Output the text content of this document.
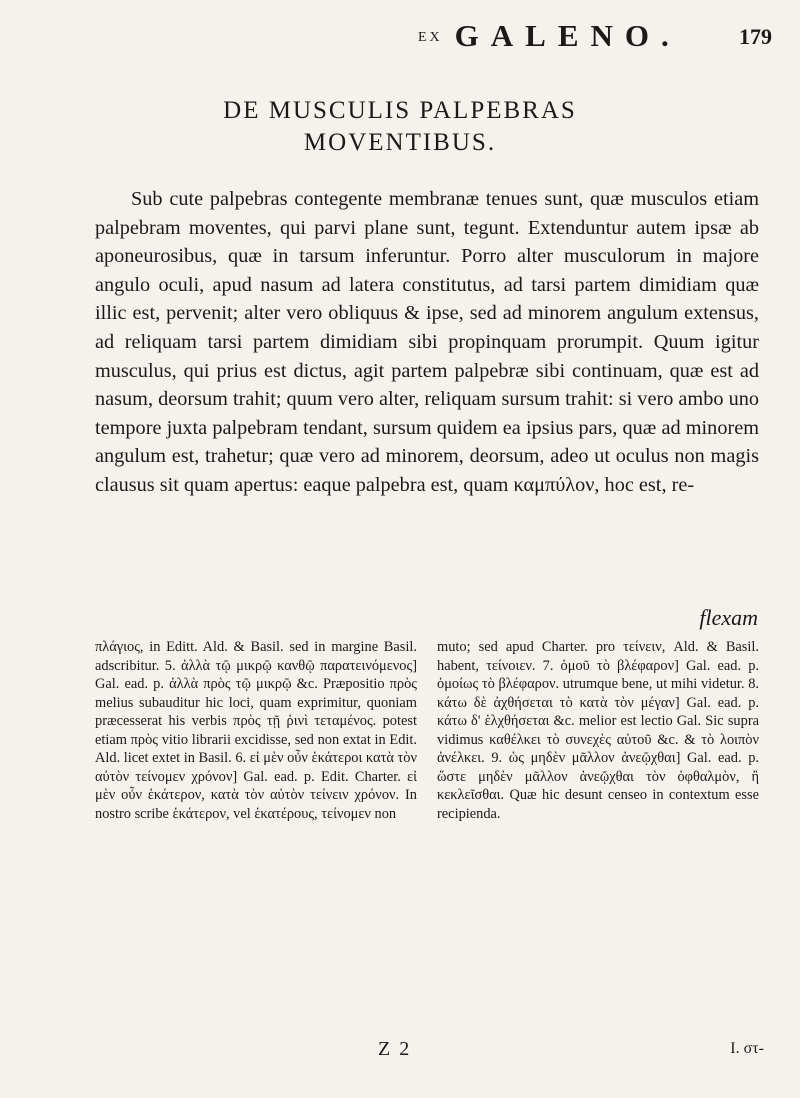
EX GALENO.	179
DE MUSCULIS PALPEBRAS
MOVENTIBUS.

Sub cute palpebras contegente membranæ tenues sunt, quæ musculos etiam palpebram moventes, qui parvi plane sunt, tegunt. Extenduntur autem ipsæ ab aponeurosibus, quæ in tarsum inferuntur. Porro alter musculorum in majore angulo oculi, apud nasum ad latera constitutus, ad tarsi partem dimidiam quæ illic est, pervenit; alter vero obliquus & ipse, sed ad minorem angulum extensus, ad reliquam tarsi partem dimidiam sibi propinquam prorumpit. Quum igitur musculus, qui prius est dictus, agit partem palpebræ sibi continuam, quæ est ad nasum, deorsum trahit; quum vero alter, reliquam sursum trahit: si vero ambo uno tempore juxta palpebram tendant, sursum quidem ea ipsius pars, quæ ad minorem angulum est, trahetur; quæ vero ad minorem, deorsum, adeo ut oculus non magis clausus sit quam apertus: eaque palpebra est, quam καμπύλον, hoc est, re-

flexam

πλάγιος, in Editt. Ald. & Basil. sed in margine Basil. adscribitur. 5. ἀλλὰ τῷ μικρῷ κανθῷ παρατεινόμενος] Gal. ead. p. ἀλλὰ πρὸς τῷ μικρῷ &c. Præpositio πρὸς melius subauditur hic loci, quam exprimitur, quoniam præcesserat his verbis πρὸς τῇ ῥινὶ τεταμένος. potest etiam πρὸς vitio librarii excidisse, sed non extat in Edit. Ald. licet extet in Basil. 6. εἰ μὲν οὖν ἑκάτεροι κατὰ τὸν αὐτὸν τείνομεν χρόνον] Gal. ead. p. Edit. Charter. εἰ μὲν οὖν ἑκάτερον, κατὰ τὸν αὐτὸν τείνειν χρόνον. In nostro scribe ἑκάτερον, vel ἑκατέρους, τείνομεν non

muto; sed apud Charter. pro τείνειν, Ald. & Basil. habent, τείνοιεν. 7. ὁμοῦ τὸ βλέφαρον] Gal. ead. p. ὁμοίως τὸ βλέφαρον. utrumque bene, ut mihi videtur. 8. κάτω δὲ ἀχθήσεται τὸ κατὰ τὸν μέγαν] Gal. ead. p. κάτω δ' ἑλχθήσεται &c. melior est lectio Gal. Sic supra vidimus καθέλκει τὸ συνεχὲς αὐτοῦ &c. & τὸ λοιπὸν ἀνέλκει. 9. ὡς μηδὲν μᾶλλον ἀνεῷχθαι] Gal. ead. p. ὥστε μηδὲν μᾶλλον ἀνεῷχθαι τὸν ὀφθαλμὸν, ἢ κεκλεῖσθαι. Quæ hic desunt censeo in contextum esse recipienda.

Z 2	I. στ-
